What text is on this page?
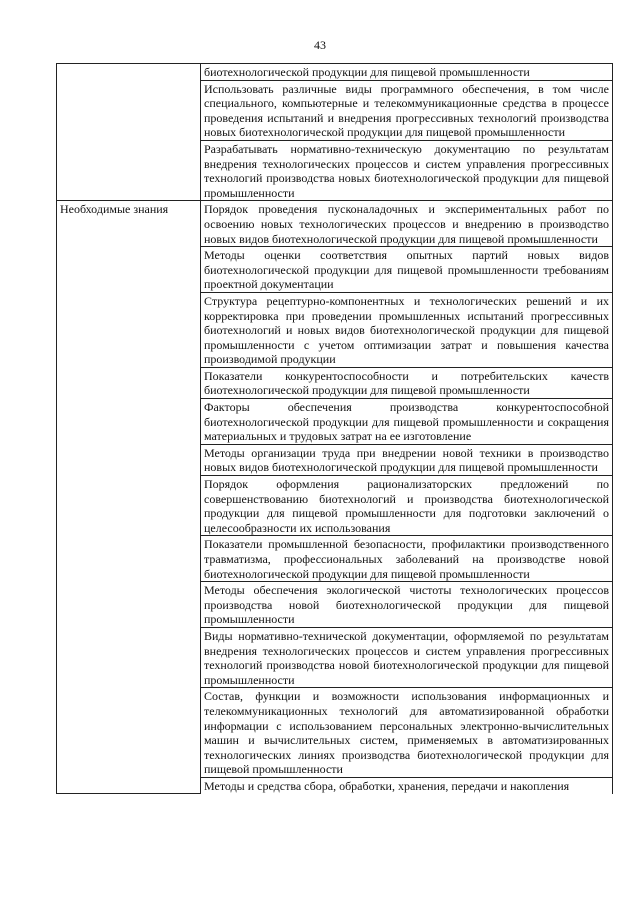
43
	биотехнологической продукции для пищевой промышленности
	Использовать различные виды программного обеспечения, в том числе специального, компьютерные и телекоммуникационные средства в процессе проведения испытаний и внедрения прогрессивных технологий производства новых биотехнологической продукции для пищевой промышленности
	Разрабатывать нормативно-техническую документацию по результатам внедрения технологических процессов и систем управления прогрессивных технологий производства новых биотехнологической продукции для пищевой промышленности
Необходимые знания	Порядок проведения пусконаладочных и экспериментальных работ по освоению новых технологических процессов и внедрению в производство новых видов биотехнологической продукции для пищевой промышленности
	Методы оценки соответствия опытных партий новых видов биотехнологической продукции для пищевой промышленности требованиям проектной документации
	Структура рецептурно-компонентных и технологических решений и их корректировка при проведении промышленных испытаний прогрессивных биотехнологий и новых видов биотехнологической продукции для пищевой промышленности с учетом оптимизации затрат и повышения качества производимой продукции
	Показатели конкурентоспособности и потребительских качеств биотехнологической продукции для пищевой промышленности
	Факторы обеспечения производства конкурентоспособной биотехнологической продукции для пищевой промышленности и сокращения материальных и трудовых затрат на ее изготовление
	Методы организации труда при внедрении новой техники в производство новых видов биотехнологической продукции для пищевой промышленности
	Порядок оформления рационализаторских предложений по совершенствованию биотехнологий и производства биотехнологической продукции для пищевой промышленности для подготовки заключений о целесообразности их использования
	Показатели промышленной безопасности, профилактики производственного травматизма, профессиональных заболеваний на производстве новой биотехнологической продукции для пищевой промышленности
	Методы обеспечения экологической чистоты технологических процессов производства новой биотехнологической продукции для пищевой промышленности
	Виды нормативно-технической документации, оформляемой по результатам внедрения технологических процессов и систем управления прогрессивных технологий производства новой биотехнологической продукции для пищевой промышленности
	Состав, функции и возможности использования информационных и телекоммуникационных технологий для автоматизированной обработки информации с использованием персональных электронно-вычислительных машин и вычислительных систем, применяемых в автоматизированных технологических линиях производства биотехнологической продукции для пищевой промышленности
	Методы и средства сбора, обработки, хранения, передачи и накопления
